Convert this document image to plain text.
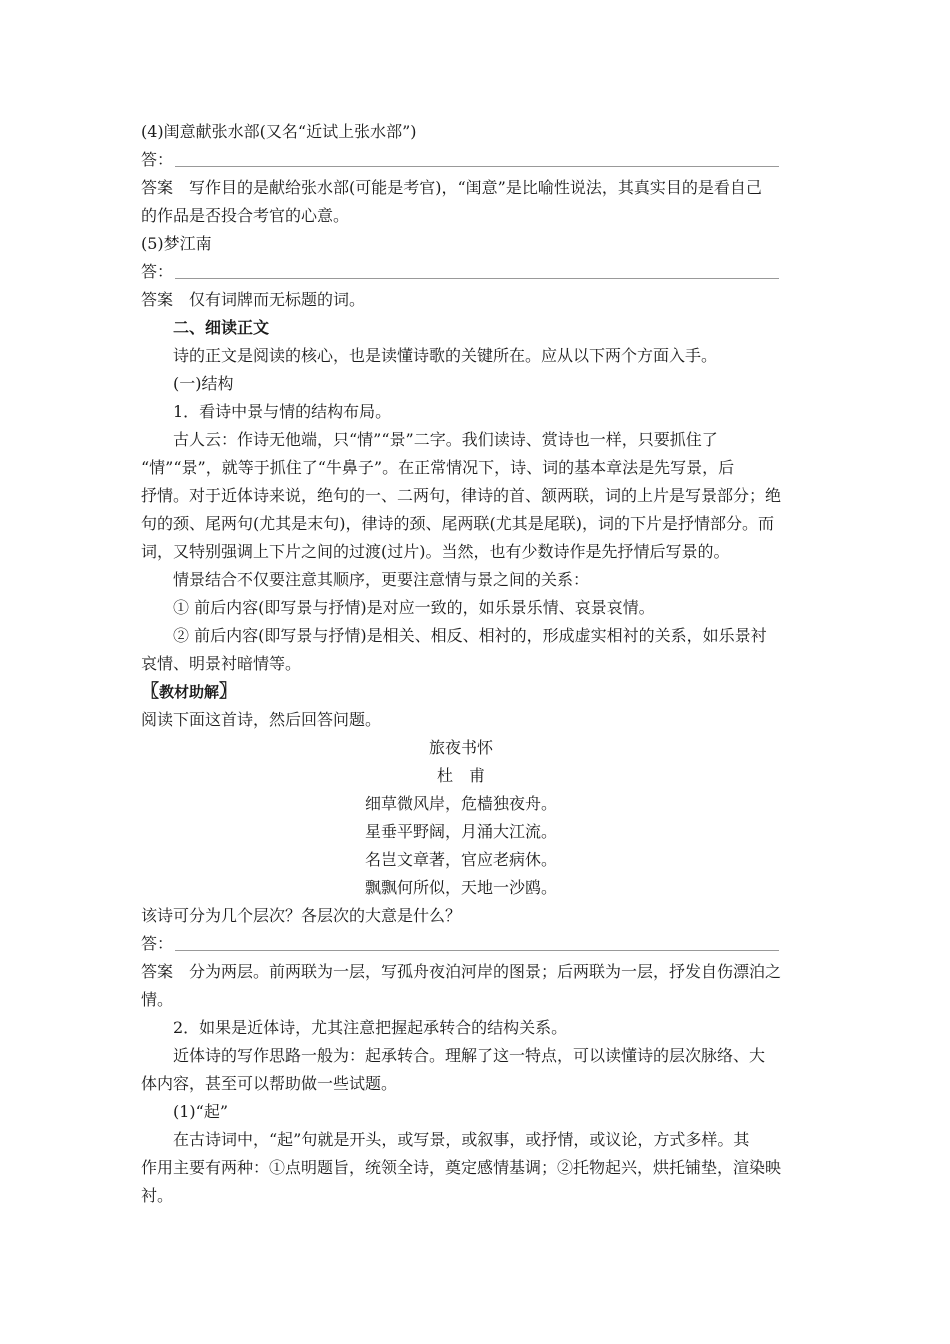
(4)闺意献张水部(又名“近试上张水部”)
答：
答案　写作目的是献给张水部(可能是考官)，“闺意”是比喻性说法，其真实目的是看自己
的作品是否投合考官的心意。
(5)梦江南
答：
答案　仅有词牌而无标题的词。
二、细读正文
诗的正文是阅读的核心，也是读懂诗歌的关键所在。应从以下两个方面入手。
(一)结构
1．看诗中景与情的结构布局。
古人云：作诗无他端，只“情”“景”二字。我们读诗、赏诗也一样，只要抓住了
“情”“景”，就等于抓住了“牛鼻子”。在正常情况下，诗、词的基本章法是先写景，后
抒情。对于近体诗来说，绝句的一、二两句，律诗的首、颔两联，词的上片是写景部分；绝
句的颈、尾两句(尤其是末句)，律诗的颈、尾两联(尤其是尾联)，词的下片是抒情部分。而
词，又特别强调上下片之间的过渡(过片)。当然，也有少数诗作是先抒情后写景的。
情景结合不仅要注意其顺序，更要注意情与景之间的关系：
① 前后内容(即写景与抒情)是对应一致的，如乐景乐情、哀景哀情。
② 前后内容(即写景与抒情)是相关、相反、相衬的，形成虚实相衬的关系，如乐景衬
哀情、明景衬暗情等。
〖教材助解〗
阅读下面这首诗，然后回答问题。
旅夜书怀
杜　甫
细草微风岸，危樯独夜舟。
星垂平野阔，月涌大江流。
名岂文章著，官应老病休。
飘飘何所似，天地一沙鸥。
该诗可分为几个层次？各层次的大意是什么？
答：
答案　分为两层。前两联为一层，写孤舟夜泊河岸的图景；后两联为一层，抒发自伤漂泊之
情。
2．如果是近体诗，尤其注意把握起承转合的结构关系。
近体诗的写作思路一般为：起承转合。理解了这一特点，可以读懂诗的层次脉络、大
体内容，甚至可以帮助做一些试题。
(1)“起”
在古诗词中，“起”句就是开头，或写景，或叙事，或抒情，或议论，方式多样。其
作用主要有两种：①点明题旨，统领全诗，奠定感情基调；②托物起兴，烘托铺垫，渲染映
衬。
